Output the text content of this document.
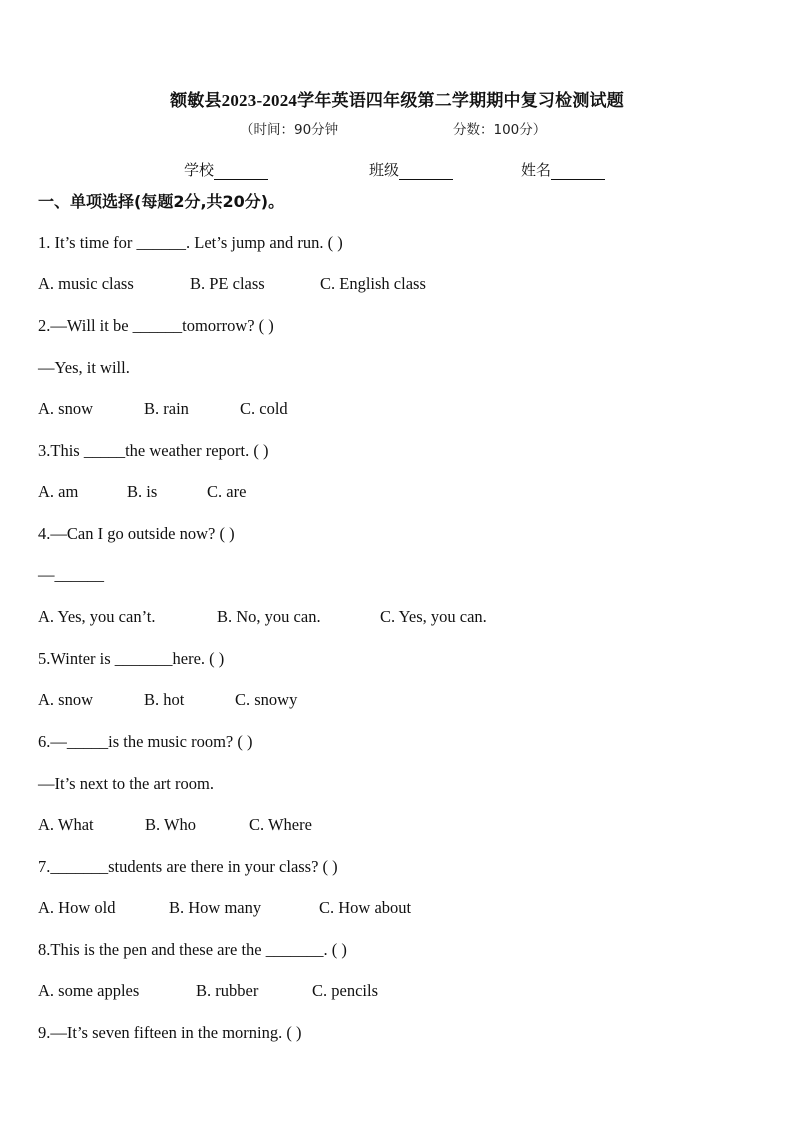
额敏县2023-2024学年英语四年级第二学期期中复习检测试题
（时间：90分钟	分数：100分）
学校	班级	姓名
一、单项选择(每题2分,共20分)。
1. It’s time for ______. Let’s jump and run. ( )
A. music class	B. PE class	C. English class
2.—Will it be ______tomorrow? ( )
—Yes, it will.
A. snow	B. rain	C. cold
3.This _____the weather report. ( )
A. am	B. is	C. are
4.—Can I go outside now? ( )
—______
A. Yes, you can’t.	B. No, you can.	C. Yes, you can.
5.Winter is _______here. ( )
A. snow	B. hot	C. snowy
6.—_____is the music room? ( )
—It’s next to the art room.
A. What	B. Who	C. Where
7._______students are there in your class? ( )
A. How old	B. How many	C. How about
8.This is the pen and these are the _______. ( )
A. some apples	B. rubber	C. pencils
9.—It’s seven fifteen in the morning. ( )
